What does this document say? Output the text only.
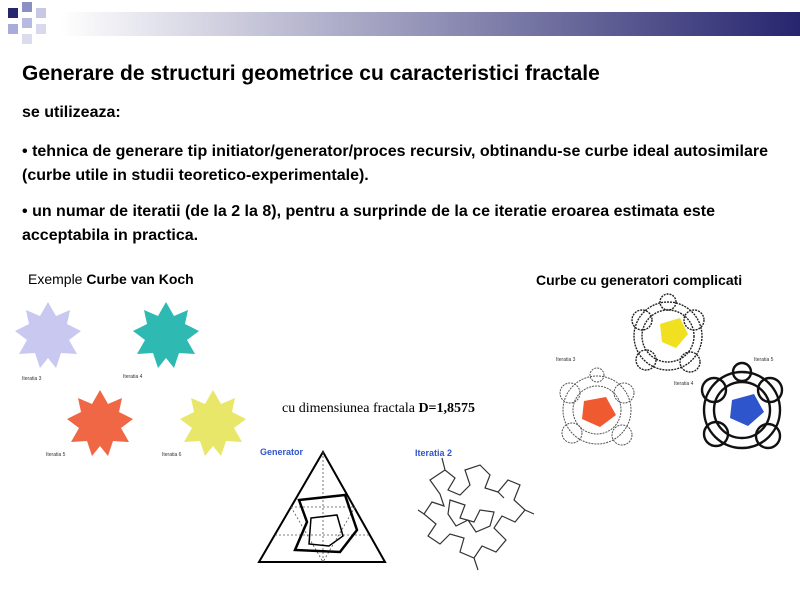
Generare de structuri geometrice cu caracteristici fractale
se utilizeaza:
• tehnica de generare tip initiator/generator/proces recursiv, obtinandu-se curbe ideal autosimilare (curbe utile in studii teoretico-experimentale).
• un numar de iteratii (de la 2 la 8), pentru a surprinde de la ce iteratie eroarea estimata este acceptabila in practica.
Exemple Curbe van Koch	Curbe cu generatori complicati
cu dimensiunea fractala D=1,8575
Iteratia 3	Iteratia 4
Iteratia 5	Iteratia 6	Generator	Iteratia 2
Iteratia 3
Iteratia 4
Iteratia 5
